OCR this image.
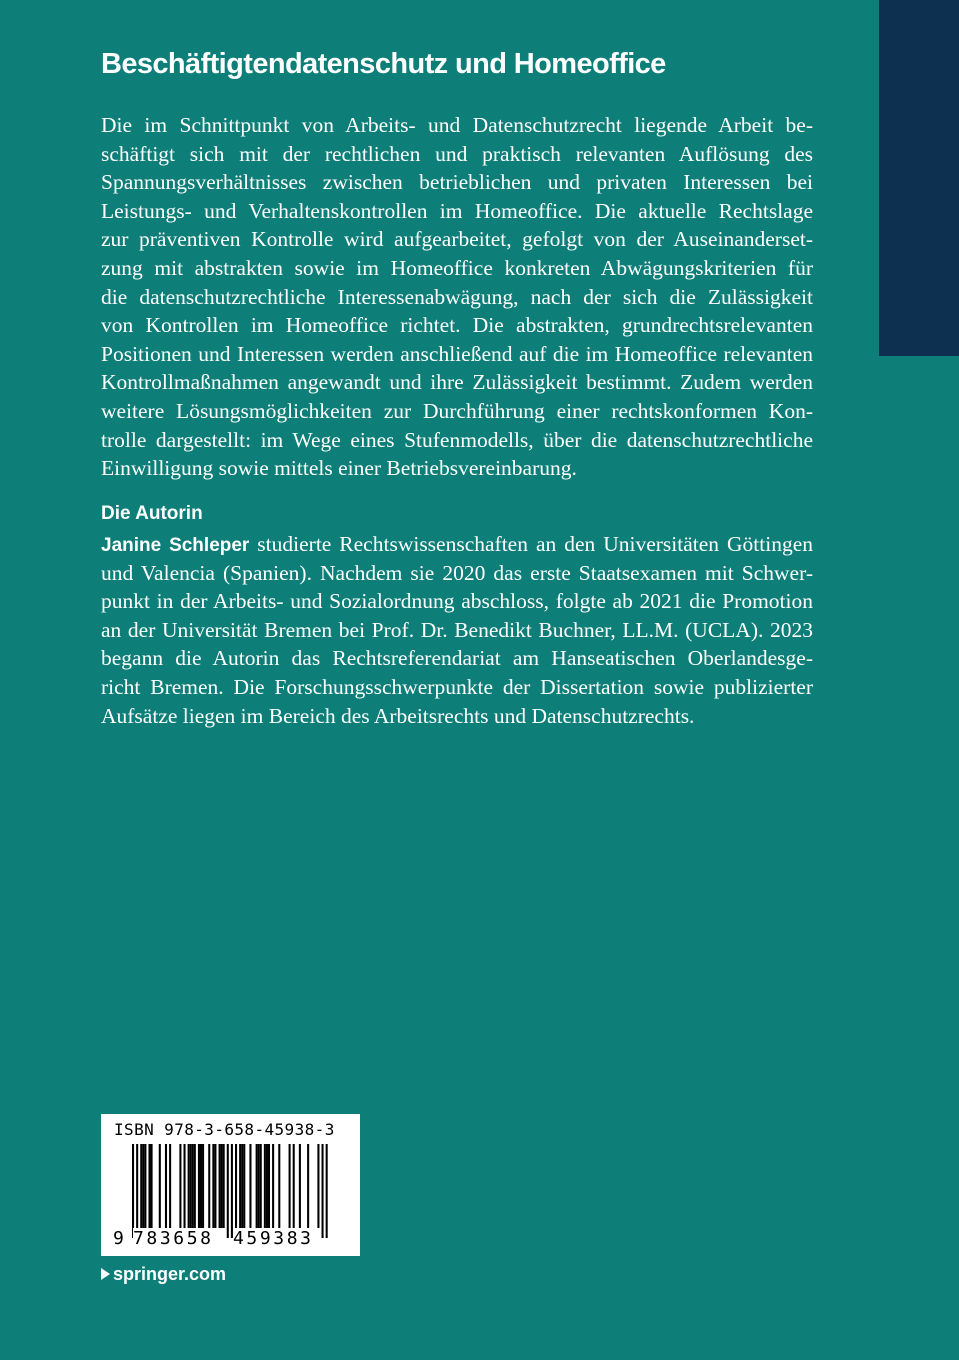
Beschäftigtendatenschutz und Homeoffice
Die im Schnittpunkt von Arbeits- und Datenschutzrecht liegende Arbeit be-
schäftigt sich mit der rechtlichen und praktisch relevanten Auflösung des
Spannungsverhältnisses zwischen betrieblichen und privaten Interessen bei
Leistungs- und Verhaltenskontrollen im Homeoffice. Die aktuelle Rechtslage
zur präventiven Kontrolle wird aufgearbeitet, gefolgt von der Auseinanderset-
zung mit abstrakten sowie im Homeoffice konkreten Abwägungskriterien für
die datenschutzrechtliche Interessenabwägung, nach der sich die Zulässigkeit
von Kontrollen im Homeoffice richtet. Die abstrakten, grundrechtsrelevanten
Positionen und Interessen werden anschließend auf die im Homeoffice relevanten
Kontrollmaßnahmen angewandt und ihre Zulässigkeit bestimmt. Zudem werden
weitere Lösungsmöglichkeiten zur Durchführung einer rechtskonformen Kon-
trolle dargestellt: im Wege eines Stufenmodells, über die datenschutzrechtliche
Einwilligung sowie mittels einer Betriebsvereinbarung.
Die Autorin
Janine Schleper studierte Rechtswissenschaften an den Universitäten Göttingen
und Valencia (Spanien). Nachdem sie 2020 das erste Staatsexamen mit Schwer-
punkt in der Arbeits- und Sozialordnung abschloss, folgte ab 2021 die Promotion
an der Universität Bremen bei Prof. Dr. Benedikt Buchner, LL.M. (UCLA). 2023
begann die Autorin das Rechtsreferendariat am Hanseatischen Oberlandesge-
richt Bremen. Die Forschungsschwerpunkte der Dissertation sowie publizierter
Aufsätze liegen im Bereich des Arbeitsrechts und Datenschutzrechts.
ISBN 978-3-658-45938-3
9 783658 459383
springer.com
